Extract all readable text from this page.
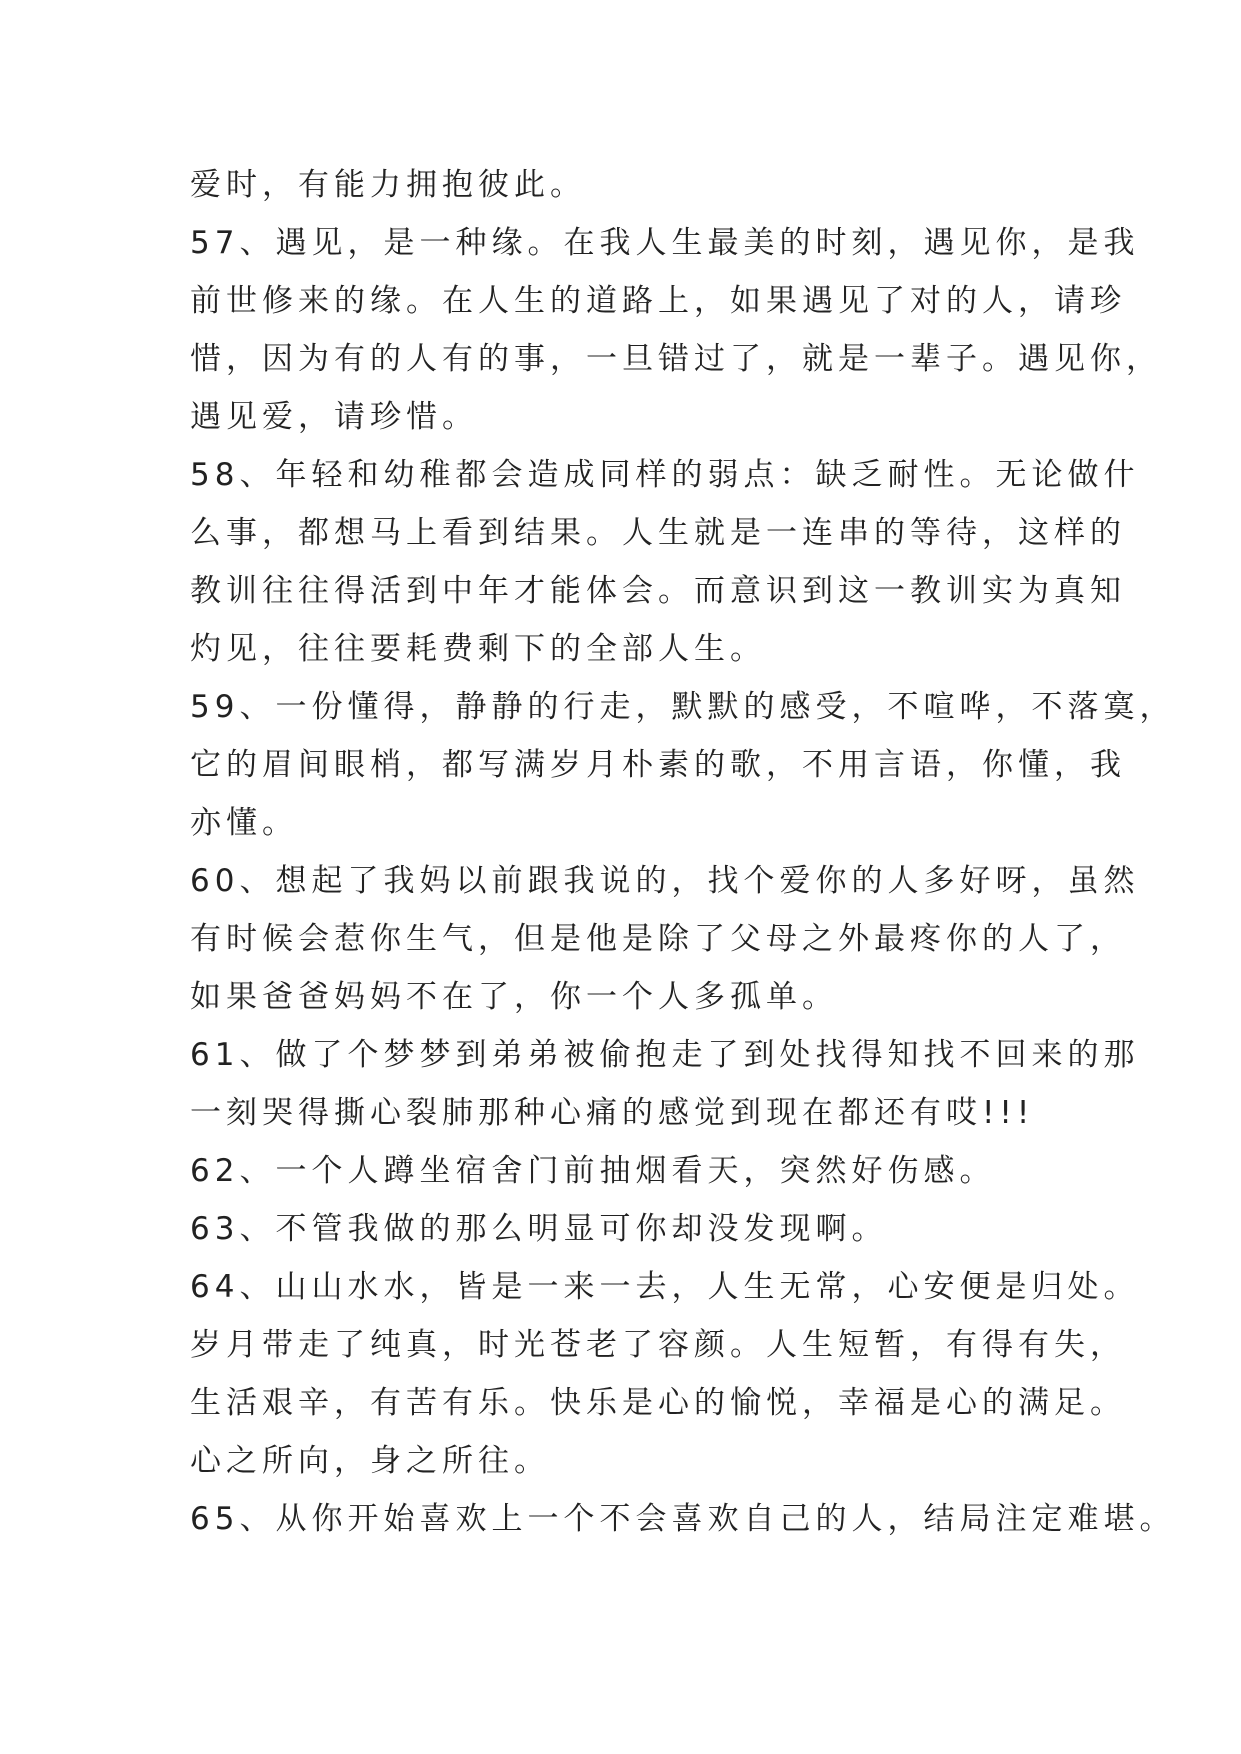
爱时，有能力拥抱彼此。
57、遇见，是一种缘。在我人生最美的时刻，遇见你，是我
前世修来的缘。在人生的道路上，如果遇见了对的人，请珍
惜，因为有的人有的事，一旦错过了，就是一辈子。遇见你，
遇见爱，请珍惜。
58、年轻和幼稚都会造成同样的弱点：缺乏耐性。无论做什
么事，都想马上看到结果。人生就是一连串的等待，这样的
教训往往得活到中年才能体会。而意识到这一教训实为真知
灼见，往往要耗费剩下的全部人生。
59、一份懂得，静静的行走，默默的感受，不喧哗，不落寞，
它的眉间眼梢，都写满岁月朴素的歌，不用言语，你懂，我
亦懂。
60、想起了我妈以前跟我说的，找个爱你的人多好呀，虽然
有时候会惹你生气，但是他是除了父母之外最疼你的人了，
如果爸爸妈妈不在了，你一个人多孤单。
61、做了个梦梦到弟弟被偷抱走了到处找得知找不回来的那
一刻哭得撕心裂肺那种心痛的感觉到现在都还有哎!!!
62、一个人蹲坐宿舍门前抽烟看天，突然好伤感。
63、不管我做的那么明显可你却没发现啊。
64、山山水水，皆是一来一去，人生无常，心安便是归处。
岁月带走了纯真，时光苍老了容颜。人生短暂，有得有失，
生活艰辛，有苦有乐。快乐是心的愉悦，幸福是心的满足。
心之所向，身之所往。
65、从你开始喜欢上一个不会喜欢自己的人，结局注定难堪。
